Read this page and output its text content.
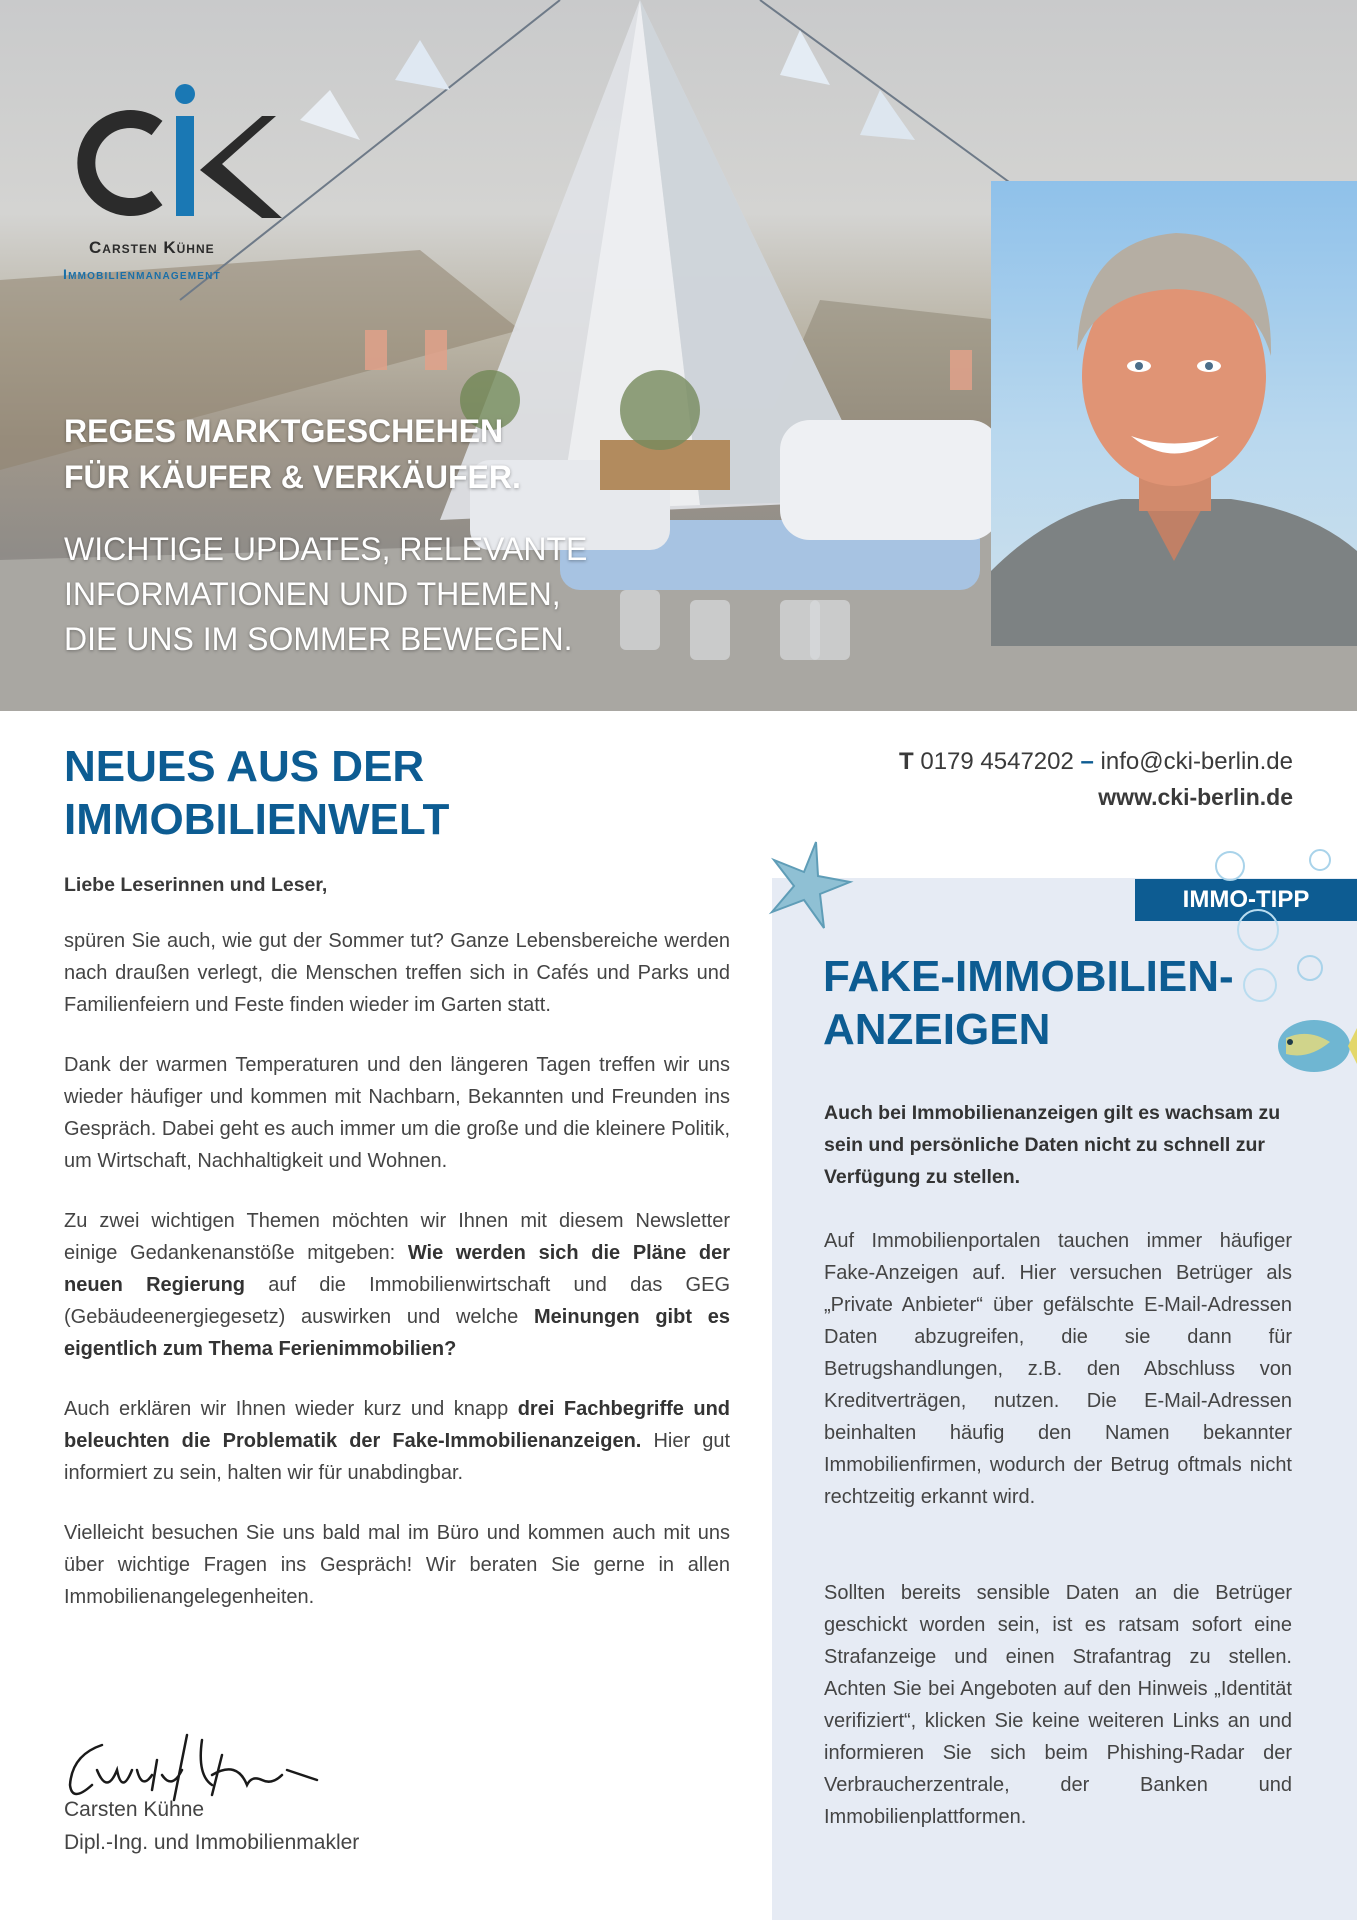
Carsten Kühne
Immobilienmanagement
REGES MARKTGESCHEHEN
FÜR KÄUFER & VERKÄUFER.
WICHTIGE UPDATES, RELEVANTE
INFORMATIONEN UND THEMEN,
DIE UNS IM SOMMER BEWEGEN.
T 0179 4547202 – info@cki-berlin.de
www.cki-berlin.de
NEUES AUS DER
IMMOBILIENWELT
Liebe Leserinnen und Leser,

spüren Sie auch, wie gut der Sommer tut? Ganze Lebensbereiche werden nach draußen verlegt, die Menschen treffen sich in Cafés und Parks und Familienfeiern und Feste finden wieder im Garten statt.

Dank der warmen Temperaturen und den längeren Tagen treffen wir uns wieder häufiger und kommen mit Nachbarn, Bekannten und Freunden ins Gespräch. Dabei geht es auch immer um die große und die kleinere Politik, um Wirtschaft, Nachhaltigkeit und Wohnen.

Zu zwei wichtigen Themen möchten wir Ihnen mit diesem Newsletter einige Gedankenanstöße mitgeben: Wie werden sich die Pläne der neuen Regierung auf die Immobilienwirtschaft und das GEG (Gebäudeenergiegesetz) auswirken und welche Meinungen gibt es eigentlich zum Thema Ferienimmobilien?

Auch erklären wir Ihnen wieder kurz und knapp drei Fachbegriffe und beleuchten die Problematik der Fake-Immobilienanzeigen. Hier gut informiert zu sein, halten wir für unabdingbar.

Vielleicht besuchen Sie uns bald mal im Büro und kommen auch mit uns über wichtige Fragen ins Gespräch! Wir beraten Sie gerne in allen Immobilienangelegenheiten.

Carsten Kühne
Dipl.-Ing. und Immobilienmakler
IMMO-TIPP
FAKE-IMMOBILIEN-
ANZEIGEN
Auch bei Immobilienanzeigen gilt es wachsam zu sein und persönliche Daten nicht zu schnell zur Verfügung zu stellen.
Auf Immobilienportalen tauchen immer häufiger Fake-Anzeigen auf. Hier versuchen Betrüger als „Private Anbieter“ über gefälschte E-Mail-Adressen Daten abzugreifen, die sie dann für Betrugshandlungen, z.B. den Abschluss von Kreditverträgen, nutzen. Die E-Mail-Adressen beinhalten häufig den Namen bekannter Immobilienfirmen, wodurch der Betrug oftmals nicht rechtzeitig erkannt wird.
Sollten bereits sensible Daten an die Betrüger geschickt worden sein, ist es ratsam sofort eine Strafanzeige und einen Strafantrag zu stellen. Achten Sie bei Angeboten auf den Hinweis „Identität verifiziert“, klicken Sie keine weiteren Links an und informieren Sie sich beim Phishing-Radar der Verbraucherzentrale, der Banken und Immobilienplattformen.
